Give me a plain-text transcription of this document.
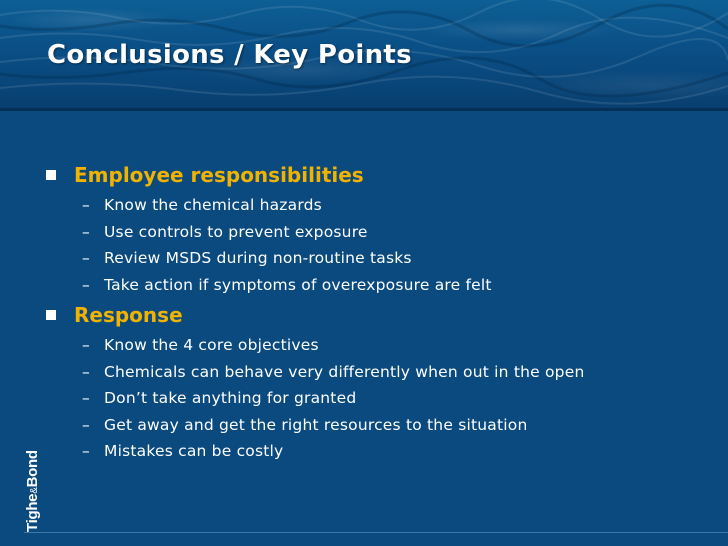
Conclusions / Key Points
Employee responsibilities
– Know the chemical hazards
– Use controls to prevent exposure
– Review MSDS during non-routine tasks
– Take action if symptoms of overexposure are felt
Response
– Know the 4 core objectives
– Chemicals can behave very differently when out in the open
– Don’t take anything for granted
– Get away and get the right resources to the situation
– Mistakes can be costly
Tighe&Bond
